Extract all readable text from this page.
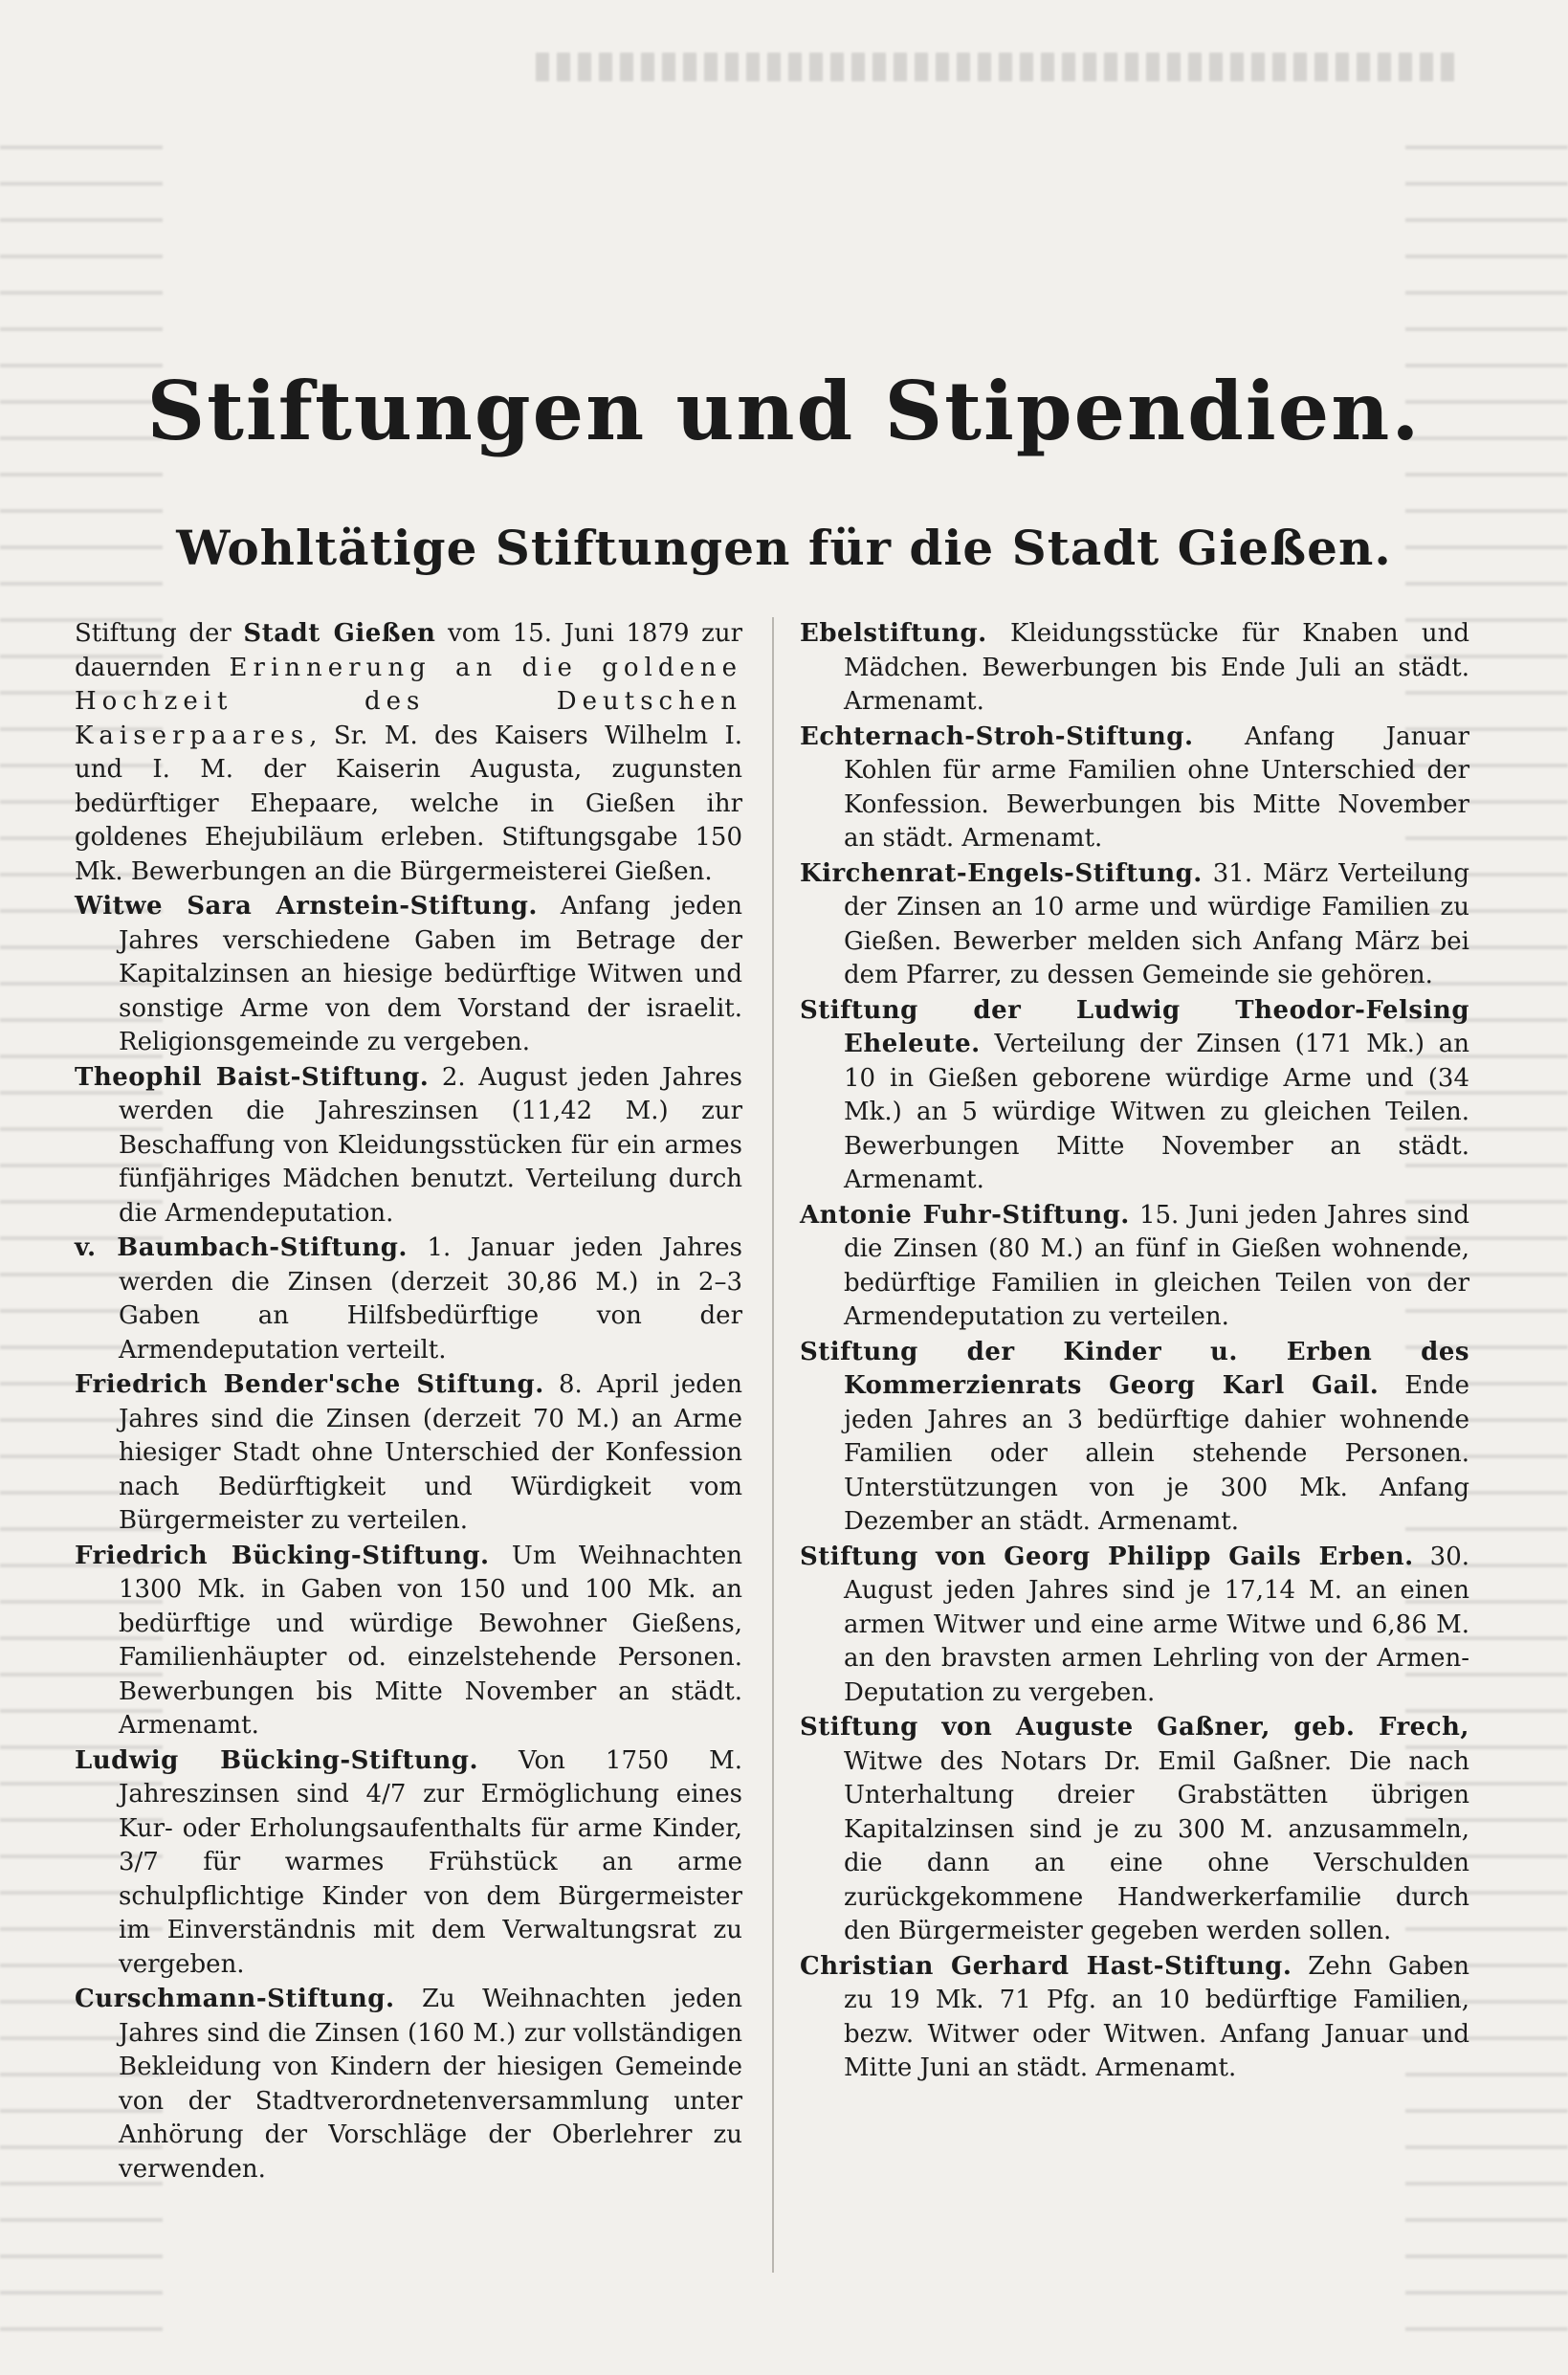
Stiftungen und Stipendien.
Wohltätige Stiftungen für die Stadt Gießen.

Stiftung der Stadt Gießen vom 15. Juni 1879 zur dauernden Erinnerung an die goldene Hochzeit des Deutschen Kaiserpaares, Sr. M. des Kaisers Wilhelm I. und I. M. der Kaiserin Augusta, zugunsten bedürftiger Ehepaare, welche in Gießen ihr goldenes Ehejubiläum erleben. Stiftungsgabe 150 Mk. Bewerbungen an die Bürgermeisterei Gießen.

Witwe Sara Arnstein-Stiftung. Anfang jeden Jahres verschiedene Gaben im Betrage der Kapitalzinsen an hiesige bedürftige Witwen und sonstige Arme von dem Vorstand der israelit. Religionsgemeinde zu vergeben.

Theophil Baist-Stiftung. 2. August jeden Jahres werden die Jahreszinsen (11,42 M.) zur Beschaffung von Kleidungsstücken für ein armes fünfjähriges Mädchen benutzt. Verteilung durch die Armendeputation.

v. Baumbach-Stiftung. 1. Januar jeden Jahres werden die Zinsen (derzeit 30,86 M.) in 2–3 Gaben an Hilfsbedürftige von der Armendeputation verteilt.

Friedrich Bender'sche Stiftung. 8. April jeden Jahres sind die Zinsen (derzeit 70 M.) an Arme hiesiger Stadt ohne Unterschied der Konfession nach Bedürftigkeit und Würdigkeit vom Bürgermeister zu verteilen.

Friedrich Bücking-Stiftung. Um Weihnachten 1300 Mk. in Gaben von 150 und 100 Mk. an bedürftige und würdige Bewohner Gießens, Familienhäupter od. einzelstehende Personen. Bewerbungen bis Mitte November an städt. Armenamt.

Ludwig Bücking-Stiftung. Von 1750 M. Jahreszinsen sind 4/7 zur Ermöglichung eines Kur- oder Erholungsaufenthalts für arme Kinder, 3/7 für warmes Frühstück an arme schulpflichtige Kinder von dem Bürgermeister im Einverständnis mit dem Verwaltungsrat zu vergeben.

Curschmann-Stiftung. Zu Weihnachten jeden Jahres sind die Zinsen (160 M.) zur vollständigen Bekleidung von Kindern der hiesigen Gemeinde von der Stadtverordnetenversammlung unter Anhörung der Vorschläge der Oberlehrer zu verwenden.

Ebelstiftung. Kleidungsstücke für Knaben und Mädchen. Bewerbungen bis Ende Juli an städt. Armenamt.

Echternach-Stroh-Stiftung. Anfang Januar Kohlen für arme Familien ohne Unterschied der Konfession. Bewerbungen bis Mitte November an städt. Armenamt.

Kirchenrat-Engels-Stiftung. 31. März Verteilung der Zinsen an 10 arme und würdige Familien zu Gießen. Bewerber melden sich Anfang März bei dem Pfarrer, zu dessen Gemeinde sie gehören.

Stiftung der Ludwig Theodor-Felsing Eheleute. Verteilung der Zinsen (171 Mk.) an 10 in Gießen geborene würdige Arme und (34 Mk.) an 5 würdige Witwen zu gleichen Teilen. Bewerbungen Mitte November an städt. Armenamt.

Antonie Fuhr-Stiftung. 15. Juni jeden Jahres sind die Zinsen (80 M.) an fünf in Gießen wohnende, bedürftige Familien in gleichen Teilen von der Armendeputation zu verteilen.

Stiftung der Kinder u. Erben des Kommerzienrats Georg Karl Gail. Ende jeden Jahres an 3 bedürftige dahier wohnende Familien oder allein stehende Personen. Unterstützungen von je 300 Mk. Anfang Dezember an städt. Armenamt.

Stiftung von Georg Philipp Gails Erben. 30. August jeden Jahres sind je 17,14 M. an einen armen Witwer und eine arme Witwe und 6,86 M. an den bravsten armen Lehrling von der Armen-Deputation zu vergeben.

Stiftung von Auguste Gaßner, geb. Frech, Witwe des Notars Dr. Emil Gaßner. Die nach Unterhaltung dreier Grabstätten übrigen Kapitalzinsen sind je zu 300 M. anzusammeln, die dann an eine ohne Verschulden zurückgekommene Handwerkerfamilie durch den Bürgermeister gegeben werden sollen.

Christian Gerhard Hast-Stiftung. Zehn Gaben zu 19 Mk. 71 Pfg. an 10 bedürftige Familien, bezw. Witwer oder Witwen. Anfang Januar und Mitte Juni an städt. Armenamt.
